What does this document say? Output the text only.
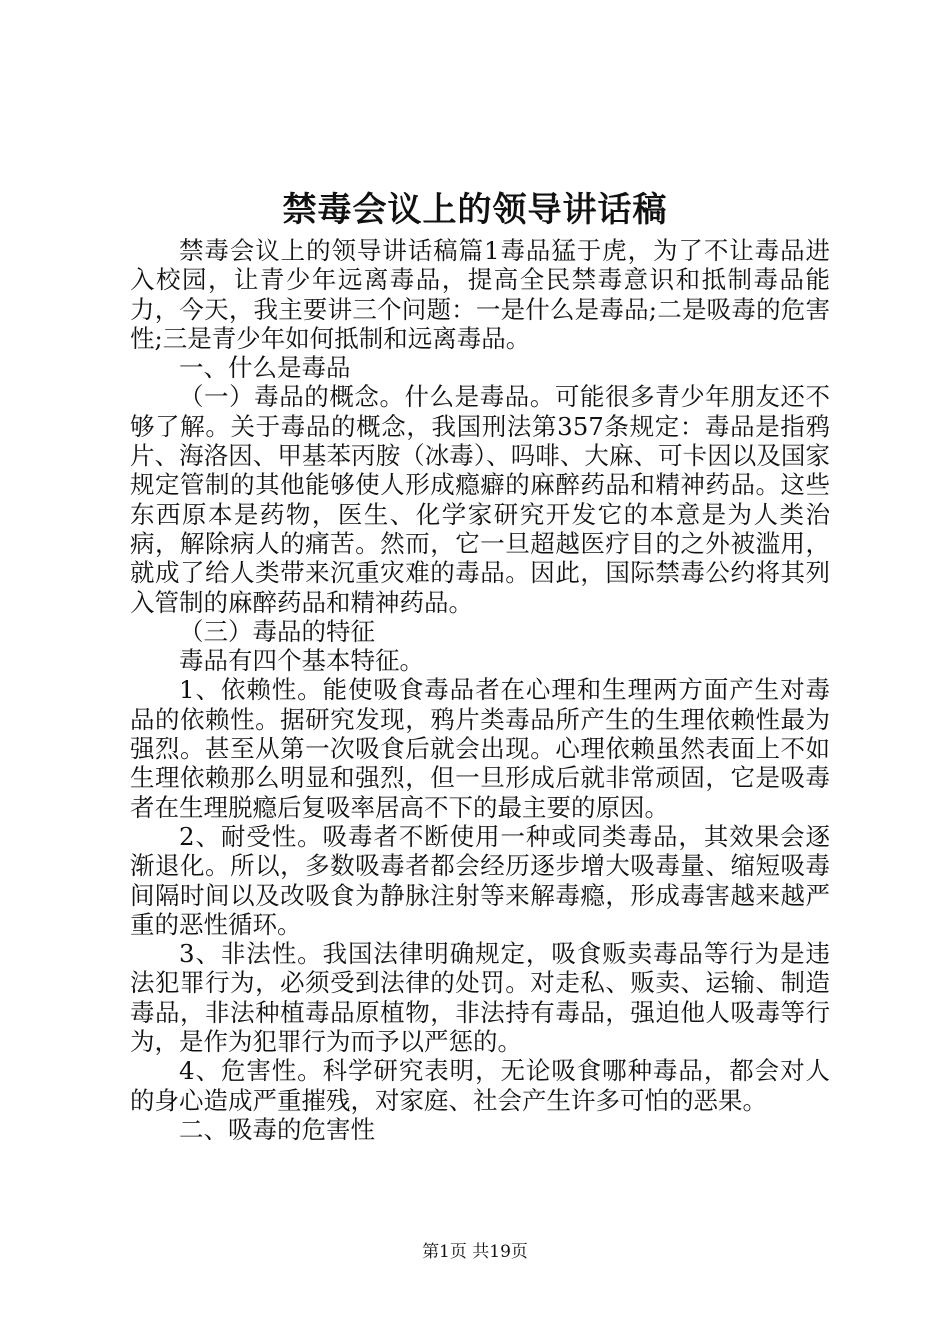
禁毒会议上的领导讲话稿

禁毒会议上的领导讲话稿篇1毒品猛于虎，为了不让毒品进入校园，让青少年远离毒品，提高全民禁毒意识和抵制毒品能力，今天，我主要讲三个问题：一是什么是毒品;二是吸毒的危害性;三是青少年如何抵制和远离毒品。

一、什么是毒品

（一）毒品的概念。什么是毒品。可能很多青少年朋友还不够了解。关于毒品的概念，我国刑法第357条规定：毒品是指鸦片、海洛因、甲基苯丙胺（冰毒）、吗啡、大麻、可卡因以及国家规定管制的其他能够使人形成瘾癖的麻醉药品和精神药品。这些东西原本是药物，医生、化学家研究开发它的本意是为人类治病，解除病人的痛苦。然而，它一旦超越医疗目的之外被滥用，就成了给人类带来沉重灾难的毒品。因此，国际禁毒公约将其列入管制的麻醉药品和精神药品。

（三）毒品的特征

毒品有四个基本特征。

1、依赖性。能使吸食毒品者在心理和生理两方面产生对毒品的依赖性。据研究发现，鸦片类毒品所产生的生理依赖性最为强烈。甚至从第一次吸食后就会出现。心理依赖虽然表面上不如生理依赖那么明显和强烈，但一旦形成后就非常顽固，它是吸毒者在生理脱瘾后复吸率居高不下的最主要的原因。

2、耐受性。吸毒者不断使用一种或同类毒品，其效果会逐渐退化。所以，多数吸毒者都会经历逐步增大吸毒量、缩短吸毒间隔时间以及改吸食为静脉注射等来解毒瘾，形成毒害越来越严重的恶性循环。

3、非法性。我国法律明确规定，吸食贩卖毒品等行为是违法犯罪行为，必须受到法律的处罚。对走私、贩卖、运输、制造毒品，非法种植毒品原植物，非法持有毒品，强迫他人吸毒等行为，是作为犯罪行为而予以严惩的。

4、危害性。科学研究表明，无论吸食哪种毒品，都会对人的身心造成严重摧残，对家庭、社会产生许多可怕的恶果。

二、吸毒的危害性

第1页 共19页
